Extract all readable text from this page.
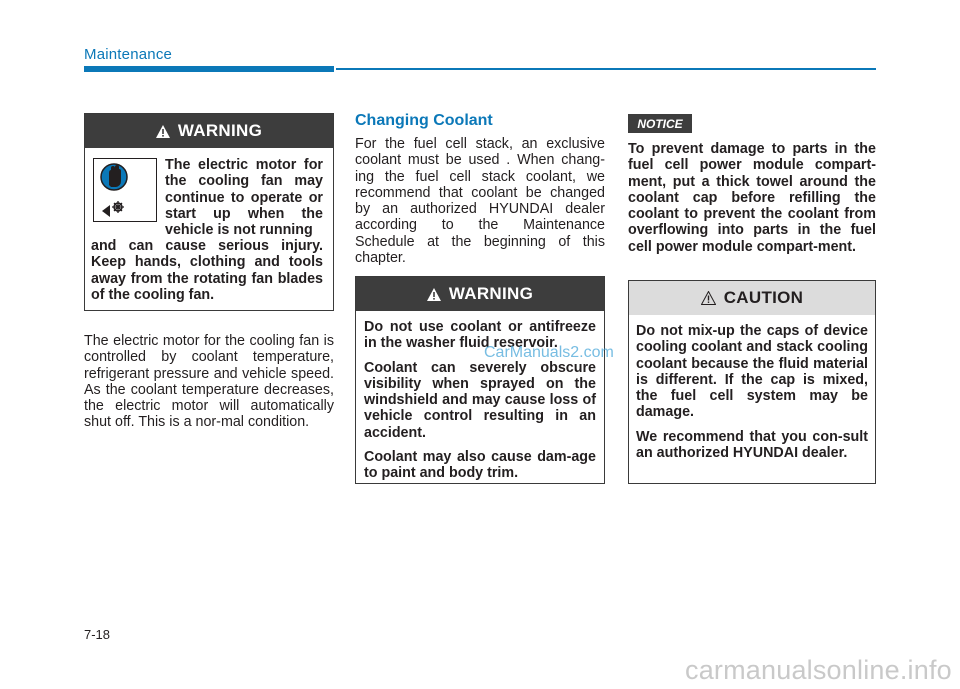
Maintenance
WARNING
The electric motor for the cooling fan may continue to operate or start up when the vehicle is not running
and can cause serious injury. Keep hands, clothing and tools away from the rotating fan blades of the cooling fan.
The electric motor for the cooling fan is controlled by coolant temperature, refrigerant pressure and vehicle speed. As the coolant temperature decreases, the electric motor will automatically shut off. This is a nor-mal condition.
Changing Coolant
For the fuel cell stack, an exclusive coolant must be used . When chang-ing the fuel cell stack coolant, we recommend that coolant be changed by an authorized HYUNDAI dealer according to the Maintenance Schedule at the beginning of this chapter.
WARNING

Do not use coolant or antifreeze in the washer fluid reservoir.

Coolant can severely obscure visibility when sprayed on the windshield and may cause loss of vehicle control resulting in an accident.

Coolant may also cause dam-age to paint and body trim.

NOTICE
To prevent damage to parts in the fuel cell power module compart-ment, put a thick towel around the coolant cap before refilling the coolant to prevent the coolant from overflowing into parts in the fuel cell power module compart-ment.
CAUTION

Do not mix-up the caps of device cooling coolant and stack cooling coolant because the fluid material is different. If the cap is mixed, the fuel cell system may be damage.

We recommend that you con-sult an authorized HYUNDAI dealer.

7-18
CarManuals2.com
carmanualsonline.info
